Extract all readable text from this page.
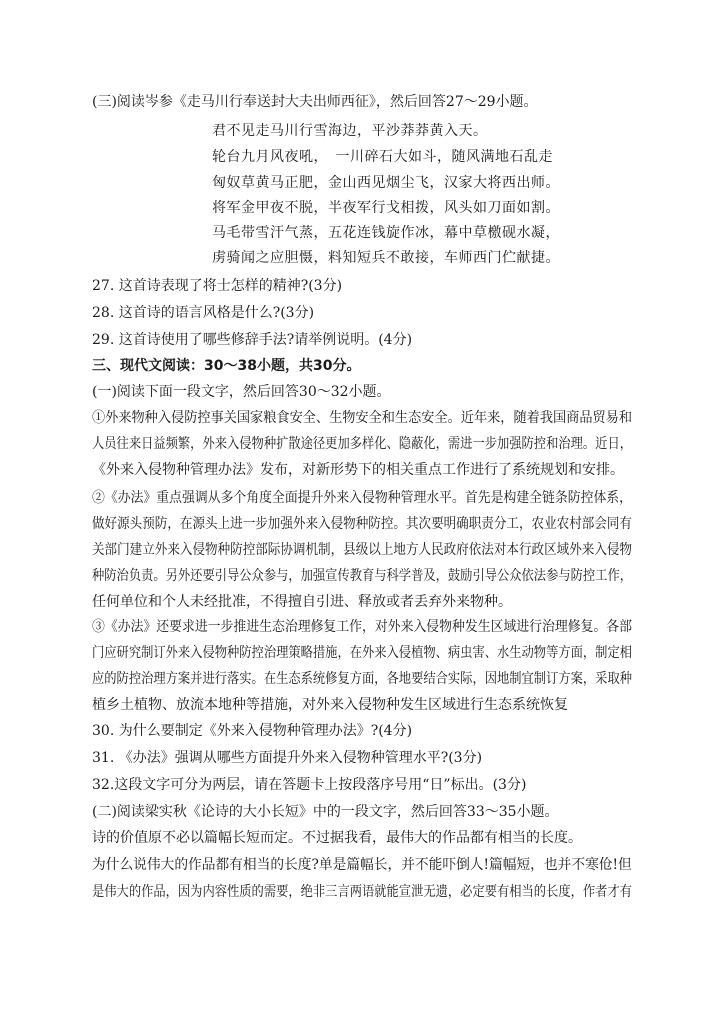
(三)阅读岑参《走马川行奉送封大夫出师西征》，然后回答27～29小题。
君不见走马川行雪海边，平沙莽莽黄入天。
轮台九月风夜吼，　一川碎石大如斗，随风满地石乱走
匈奴草黄马正肥，金山西见烟尘飞，汉家大将西出师。
将军金甲夜不脱，半夜军行戈相拨，风头如刀面如割。
马毛带雪汗气蒸，五花连钱旋作冰，幕中草檄砚水凝，
虏骑闻之应胆慑，料知短兵不敢接，车师西门伫献捷。
27. 这首诗表现了将士怎样的精神?(3分)
28. 这首诗的语言风格是什么?(3分)
29. 这首诗使用了哪些修辞手法?请举例说明。(4分)
三、现代文阅读：30～38小题，共30分。
(一)阅读下面一段文字，然后回答30～32小题。
①外来物种入侵防控事关国家粮食安全、生物安全和生态安全。近年来，随着我国商品贸易和
人员往来日益频繁，外来入侵物种扩散途径更加多样化、隐蔽化，需进一步加强防控和治理。近日，
《外来入侵物种管理办法》发布，对新形势下的相关重点工作进行了系统规划和安排。
②《办法》重点强调从多个角度全面提升外来入侵物种管理水平。首先是构建全链条防控体系，
做好源头预防，在源头上进一步加强外来入侵物种防控。其次要明确职责分工，农业农村部会同有
关部门建立外来入侵物种防控部际协调机制，县级以上地方人民政府依法对本行政区域外来入侵物
种防治负责。另外还要引导公众参与，加强宣传教育与科学普及，鼓励引导公众依法参与防控工作，
任何单位和个人未经批准，不得擅自引进、释放或者丢弃外来物种。
③《办法》还要求进一步推进生态治理修复工作，对外来入侵物种发生区域进行治理修复。各部
门应研究制订外来入侵物种防控治理策略措施，在外来入侵植物、病虫害、水生动物等方面，制定相
应的防控治理方案并进行落实。在生态系统修复方面，各地要结合实际，因地制宜制订方案，采取种
植乡土植物、放流本地种等措施，对外来入侵物种发生区域进行生态系统恢复
30. 为什么要制定《外来入侵物种管理办法》?(4分)
31. 《办法》强调从哪些方面提升外来入侵物种管理水平?(3分)
32.这段文字可分为两层，请在答题卡上按段落序号用“日”标出。(3分)
(二)阅读梁实秋《论诗的大小长短》中的一段文字，然后回答33～35小题。
诗的价值原不必以篇幅长短而定。不过据我看，最伟大的作品都有相当的长度。
为什么说伟大的作品都有相当的长度?单是篇幅长，并不能吓倒人!篇幅短，也并不寒伧!但
是伟大的作品，因为内容性质的需要，绝非三言两语就能宣泄无遗，必定要有相当的长度，作者才有
